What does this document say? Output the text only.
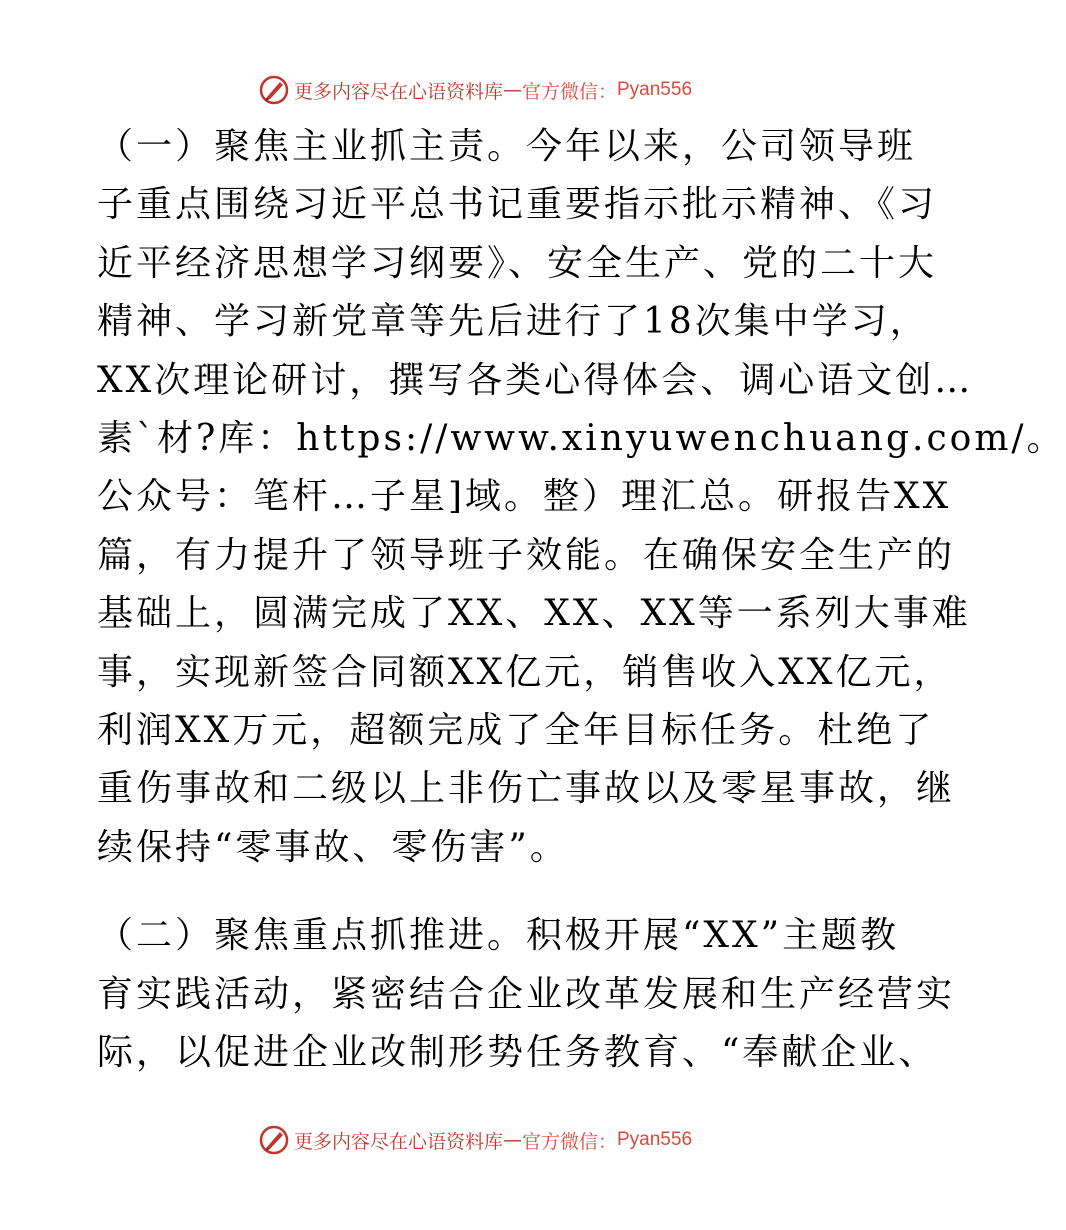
更多内容尽在心语资料库 — 官方微信： Pyan556

（一）聚焦主业抓主责。今年以来，公司领导班
子重点围绕习近平总书记重要指示批示精神、《习
近平经济思想学习纲要》、安全生产、党的二十大
精神、学习新党章等先后进行了18次集中学习，
XX次理论研讨，撰写各类心得体会、调心语文创…
素`材?库：https://www.xinyuwenchuang.com/。
公众号：笔杆…子星]域。整）理汇总。研报告XX
篇，有力提升了领导班子效能。在确保安全生产的
基础上，圆满完成了XX、XX、XX等一系列大事难
事，实现新签合同额XX亿元，销售收入XX亿元，
利润XX万元，超额完成了全年目标任务。杜绝了
重伤事故和二级以上非伤亡事故以及零星事故，继
续保持“零事故、零伤害”。

（二）聚焦重点抓推进。积极开展“XX”主题教
育实践活动，紧密结合企业改革发展和生产经营实
际，以促进企业改制形势任务教育、“奉献企业、

更多内容尽在心语资料库 — 官方微信： Pyan556
